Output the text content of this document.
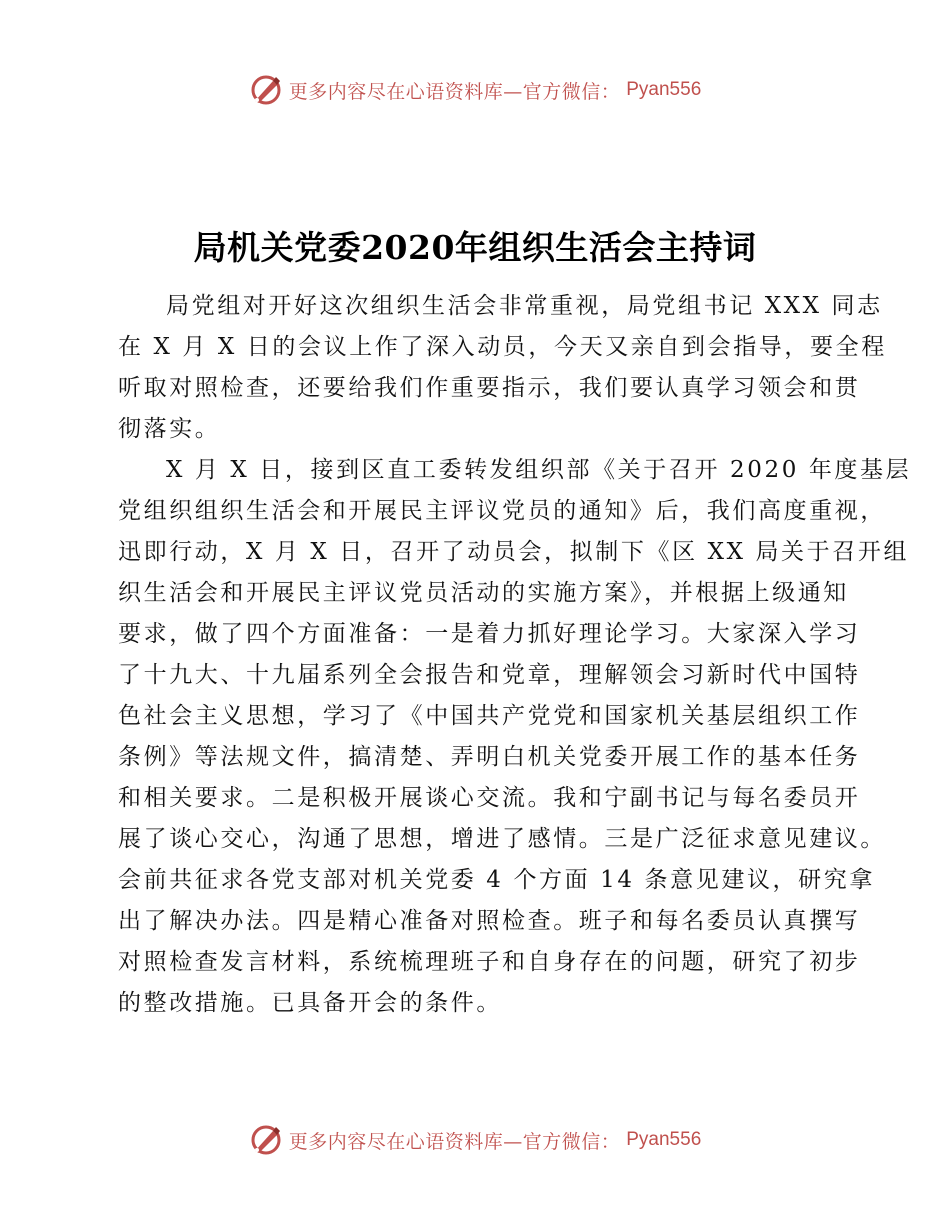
更多内容尽在心语资料库—官方微信： Pyan556
局机关党委2020年组织生活会主持词
局党组对开好这次组织生活会非常重视，局党组书记 XXX 同志
在 X 月 X 日的会议上作了深入动员，今天又亲自到会指导，要全程
听取对照检查，还要给我们作重要指示，我们要认真学习领会和贯
彻落实。
X 月 X 日，接到区直工委转发组织部《关于召开 2020 年度基层
党组织组织生活会和开展民主评议党员的通知》后，我们高度重视，
迅即行动，X 月 X 日，召开了动员会，拟制下《区 XX 局关于召开组
织生活会和开展民主评议党员活动的实施方案》，并根据上级通知
要求，做了四个方面准备：一是着力抓好理论学习。大家深入学习
了十九大、十九届系列全会报告和党章，理解领会习新时代中国特
色社会主义思想，学习了《中国共产党党和国家机关基层组织工作
条例》等法规文件，搞清楚、弄明白机关党委开展工作的基本任务
和相关要求。二是积极开展谈心交流。我和宁副书记与每名委员开
展了谈心交心，沟通了思想，增进了感情。三是广泛征求意见建议。
会前共征求各党支部对机关党委 4 个方面 14 条意见建议，研究拿
出了解决办法。四是精心准备对照检查。班子和每名委员认真撰写
对照检查发言材料，系统梳理班子和自身存在的问题，研究了初步
的整改措施。已具备开会的条件。
更多内容尽在心语资料库—官方微信： Pyan556
